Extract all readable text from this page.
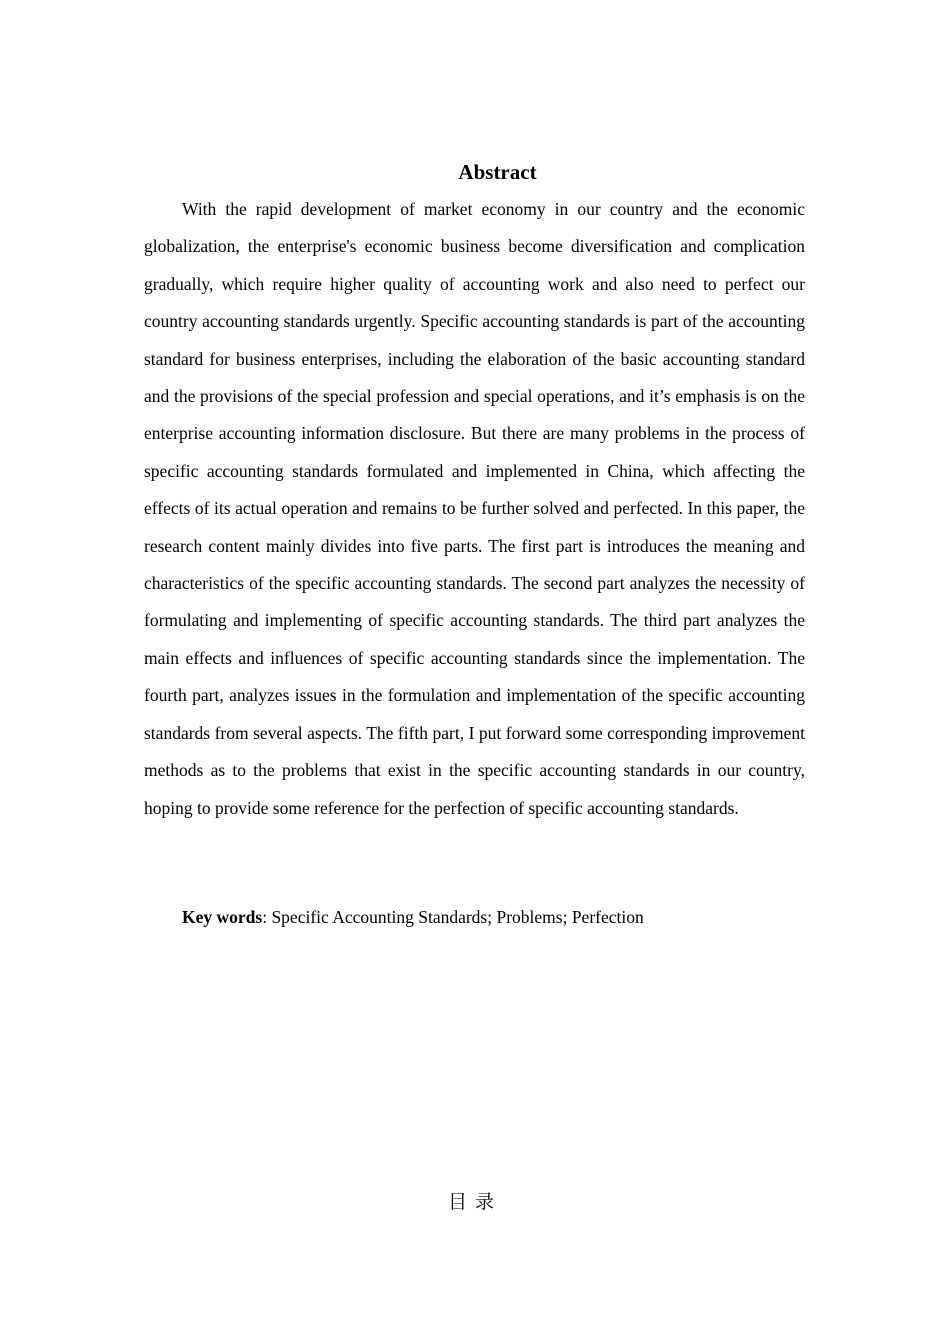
Abstract

With the rapid development of market economy in our country and the economic globalization, the enterprise's economic business become diversification and complication gradually, which require higher quality of accounting work and also need to perfect our country accounting standards urgently. Specific accounting standards is part of the accounting standard for business enterprises, including the elaboration of the basic accounting standard and the provisions of the special profession and special operations, and it’s emphasis is on the enterprise accounting information disclosure. But there are many problems in the process of specific accounting standards formulated and implemented in China, which affecting the effects of its actual operation and remains to be further solved and perfected. In this paper, the research content mainly divides into five parts. The first part is introduces the meaning and characteristics of the specific accounting standards. The second part analyzes the necessity of formulating and implementing of specific accounting standards. The third part analyzes the main effects and influences of specific accounting standards since the implementation. The fourth part, analyzes issues in the formulation and implementation of the specific accounting standards from several aspects. The fifth part, I put forward some corresponding improvement methods as to the problems that exist in the specific accounting standards in our country, hoping to provide some reference for the perfection of specific accounting standards.

Key words: Specific Accounting Standards; Problems; Perfection

目录
